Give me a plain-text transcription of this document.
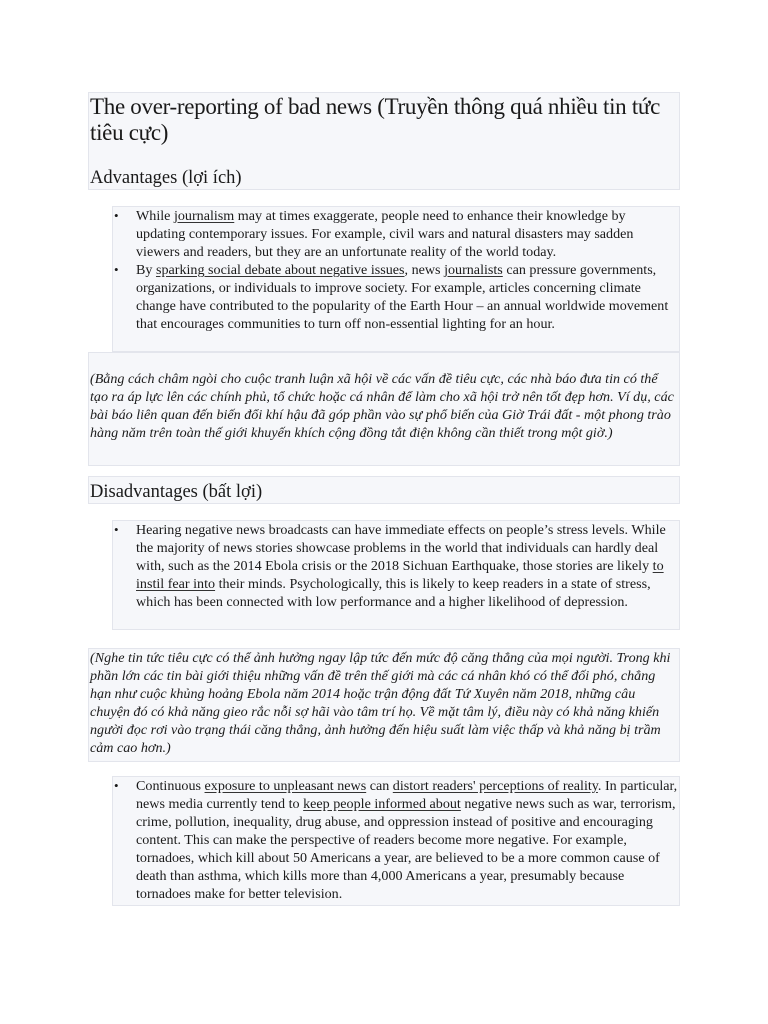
The over-reporting of bad news (Truyền thông quá nhiều tin tức tiêu cực)
Advantages (lợi ích)
• While journalism may at times exaggerate, people need to enhance their knowledge by updating contemporary issues. For example, civil wars and natural disasters may sadden viewers and readers, but they are an unfortunate reality of the world today.
• By sparking social debate about negative issues, news journalists can pressure governments, organizations, or individuals to improve society. For example, articles concerning climate change have contributed to the popularity of the Earth Hour – an annual worldwide movement that encourages communities to turn off non-essential lighting for an hour.

(Bằng cách châm ngòi cho cuộc tranh luận xã hội về các vấn đề tiêu cực, các nhà báo đưa tin có thể tạo ra áp lực lên các chính phủ, tổ chức hoặc cá nhân để làm cho xã hội trở nên tốt đẹp hơn. Ví dụ, các bài báo liên quan đến biến đổi khí hậu đã góp phần vào sự phổ biến của Giờ Trái đất - một phong trào hàng năm trên toàn thế giới khuyến khích cộng đồng tắt điện không cần thiết trong một giờ.)

Disadvantages (bất lợi)
• Hearing negative news broadcasts can have immediate effects on people’s stress levels. While the majority of news stories showcase problems in the world that individuals can hardly deal with, such as the 2014 Ebola crisis or the 2018 Sichuan Earthquake, those stories are likely to instil fear into their minds. Psychologically, this is likely to keep readers in a state of stress, which has been connected with low performance and a higher likelihood of depression.

(Nghe tin tức tiêu cực có thể ảnh hưởng ngay lập tức đến mức độ căng thẳng của mọi người. Trong khi phần lớn các tin bài giới thiệu những vấn đề trên thế giới mà các cá nhân khó có thể đối phó, chẳng hạn như cuộc khủng hoảng Ebola năm 2014 hoặc trận động đất Tứ Xuyên năm 2018, những câu chuyện đó có khả năng gieo rắc nỗi sợ hãi vào tâm trí họ. Về mặt tâm lý, điều này có khả năng khiến người đọc rơi vào trạng thái căng thẳng, ảnh hưởng đến hiệu suất làm việc thấp và khả năng bị trầm cảm cao hơn.)

• Continuous exposure to unpleasant news can distort readers' perceptions of reality. In particular, news media currently tend to keep people informed about negative news such as war, terrorism, crime, pollution, inequality, drug abuse, and oppression instead of positive and encouraging content. This can make the perspective of readers become more negative. For example, tornadoes, which kill about 50 Americans a year, are believed to be a more common cause of death than asthma, which kills more than 4,000 Americans a year, presumably because tornadoes make for better television.
